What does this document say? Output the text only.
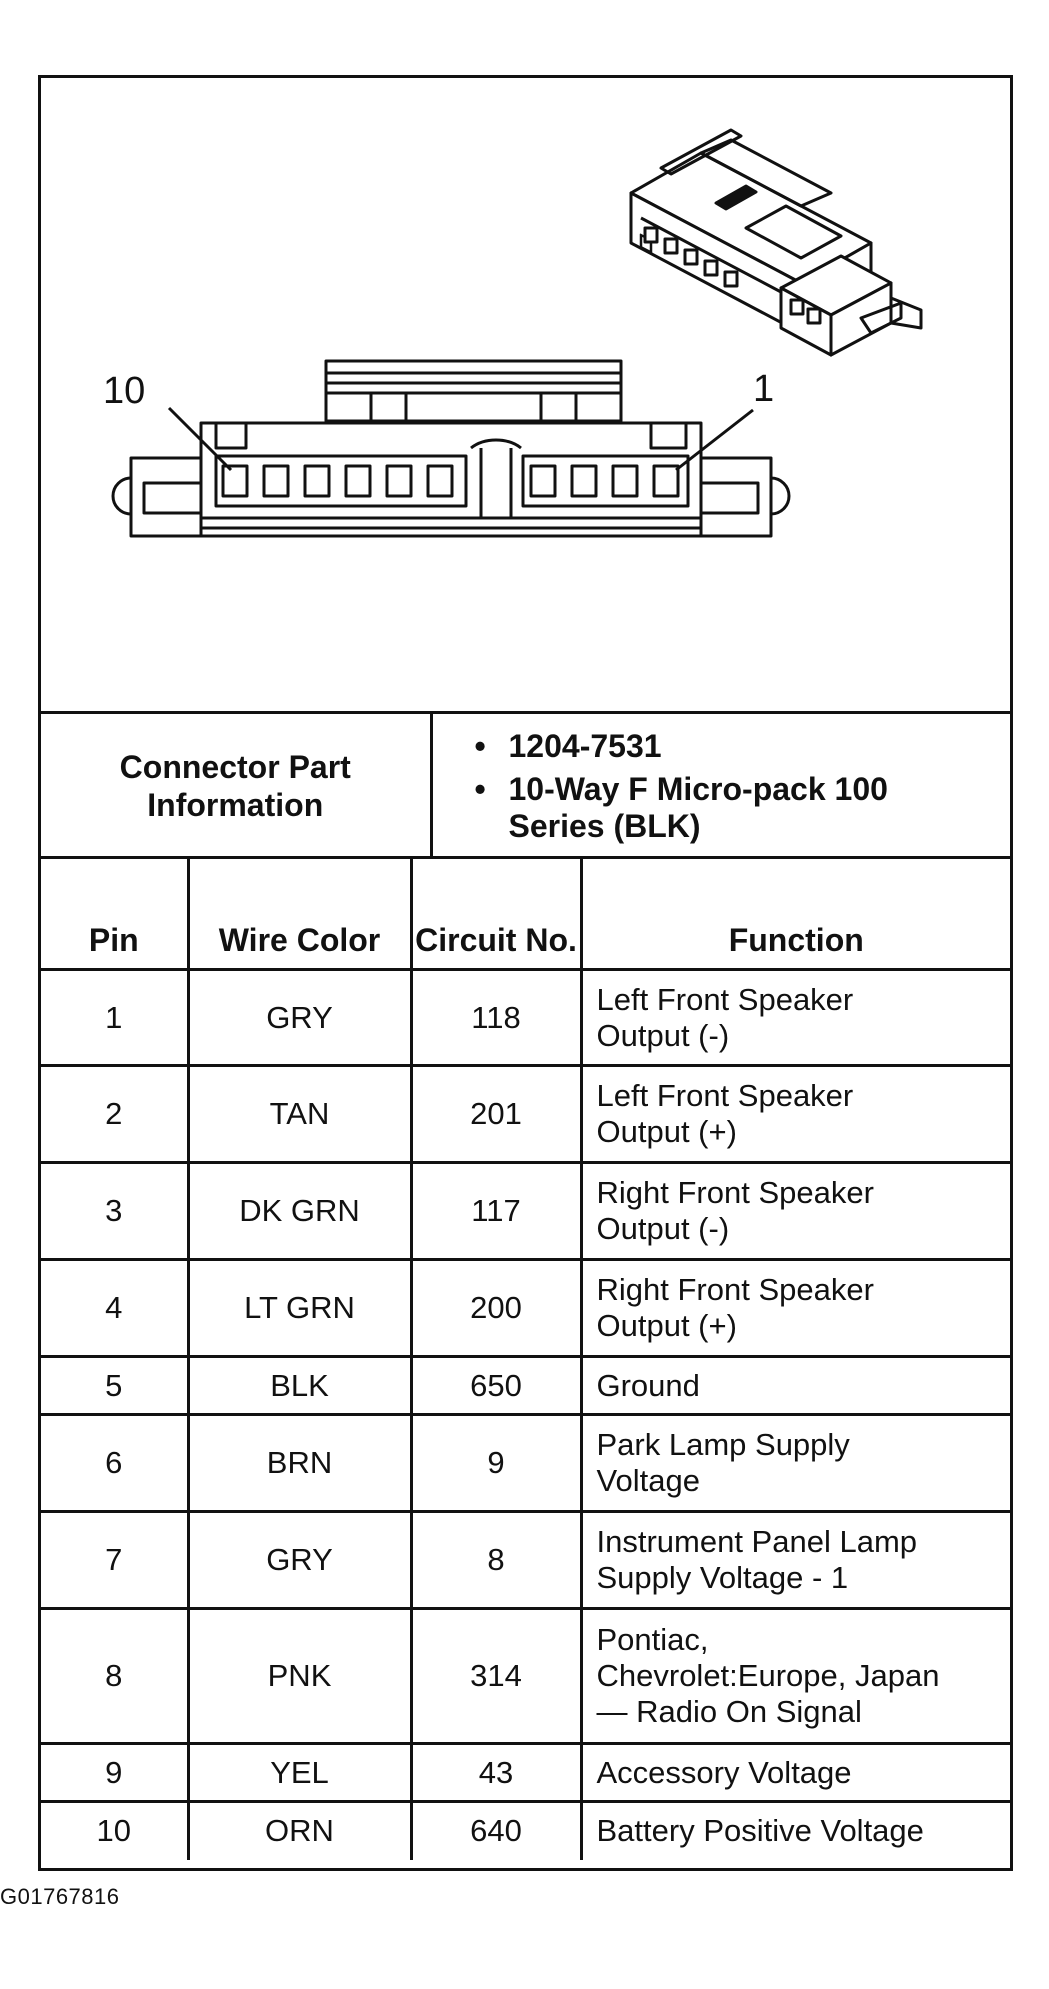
10	1
Connector Part Information	
• 1204-7531
• 10-Way F Micro-pack 100 Series (BLK)
Pin	Wire Color	Circuit No.	Function
1	GRY	118	Left Front Speaker
Output (-)
2	TAN	201	Left Front Speaker
Output (+)
3	DK GRN	117	Right Front Speaker
Output (-)
4	LT GRN	200	Right Front Speaker
Output (+)
5	BLK	650	Ground
6	BRN	9	Park Lamp Supply
Voltage
7	GRY	8	Instrument Panel Lamp
Supply Voltage - 1
8	PNK	314	Pontiac,
Chevrolet:Europe, Japan
— Radio On Signal
9	YEL	43	Accessory Voltage
10	ORN	640	Battery Positive Voltage
G01767816
